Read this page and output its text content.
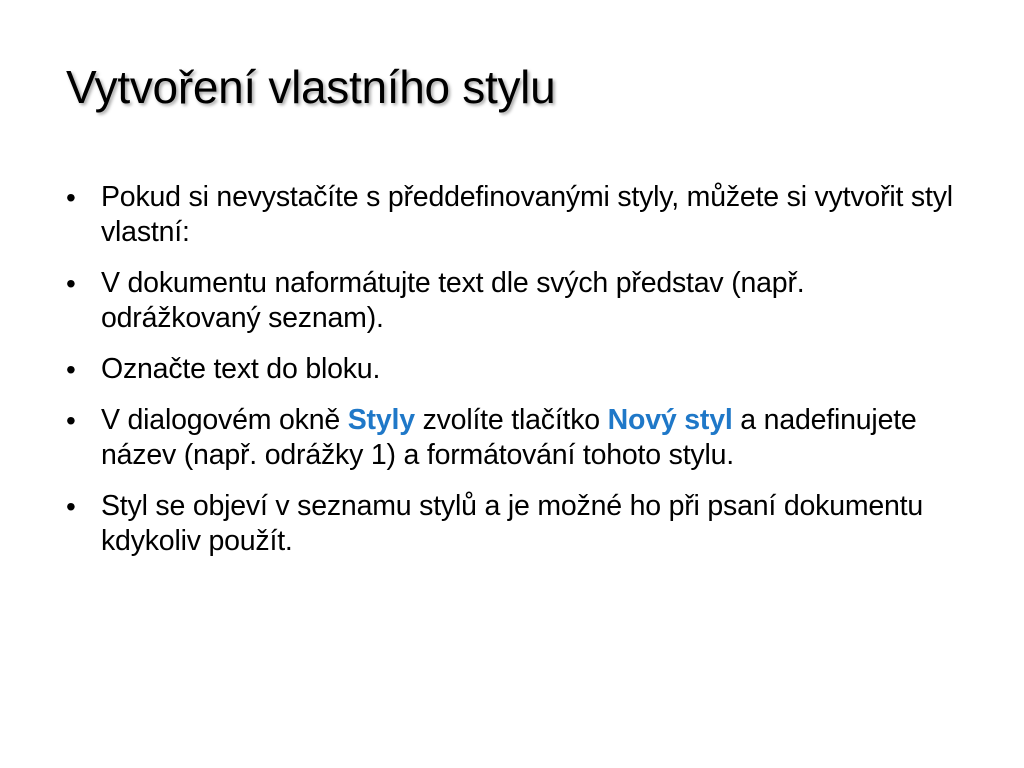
Vytvoření vlastního stylu
• Pokud si nevystačíte s předdefinovanými styly, můžete si vytvořit styl vlastní:
• V dokumentu naformátujte text dle svých představ (např. odrážkovaný seznam).
• Označte text do bloku.
• V dialogovém okně Styly zvolíte tlačítko Nový styl a nadefinujete název (např. odrážky 1) a formátování tohoto stylu.
• Styl se objeví v seznamu stylů a je možné ho při psaní dokumentu kdykoliv použít.
